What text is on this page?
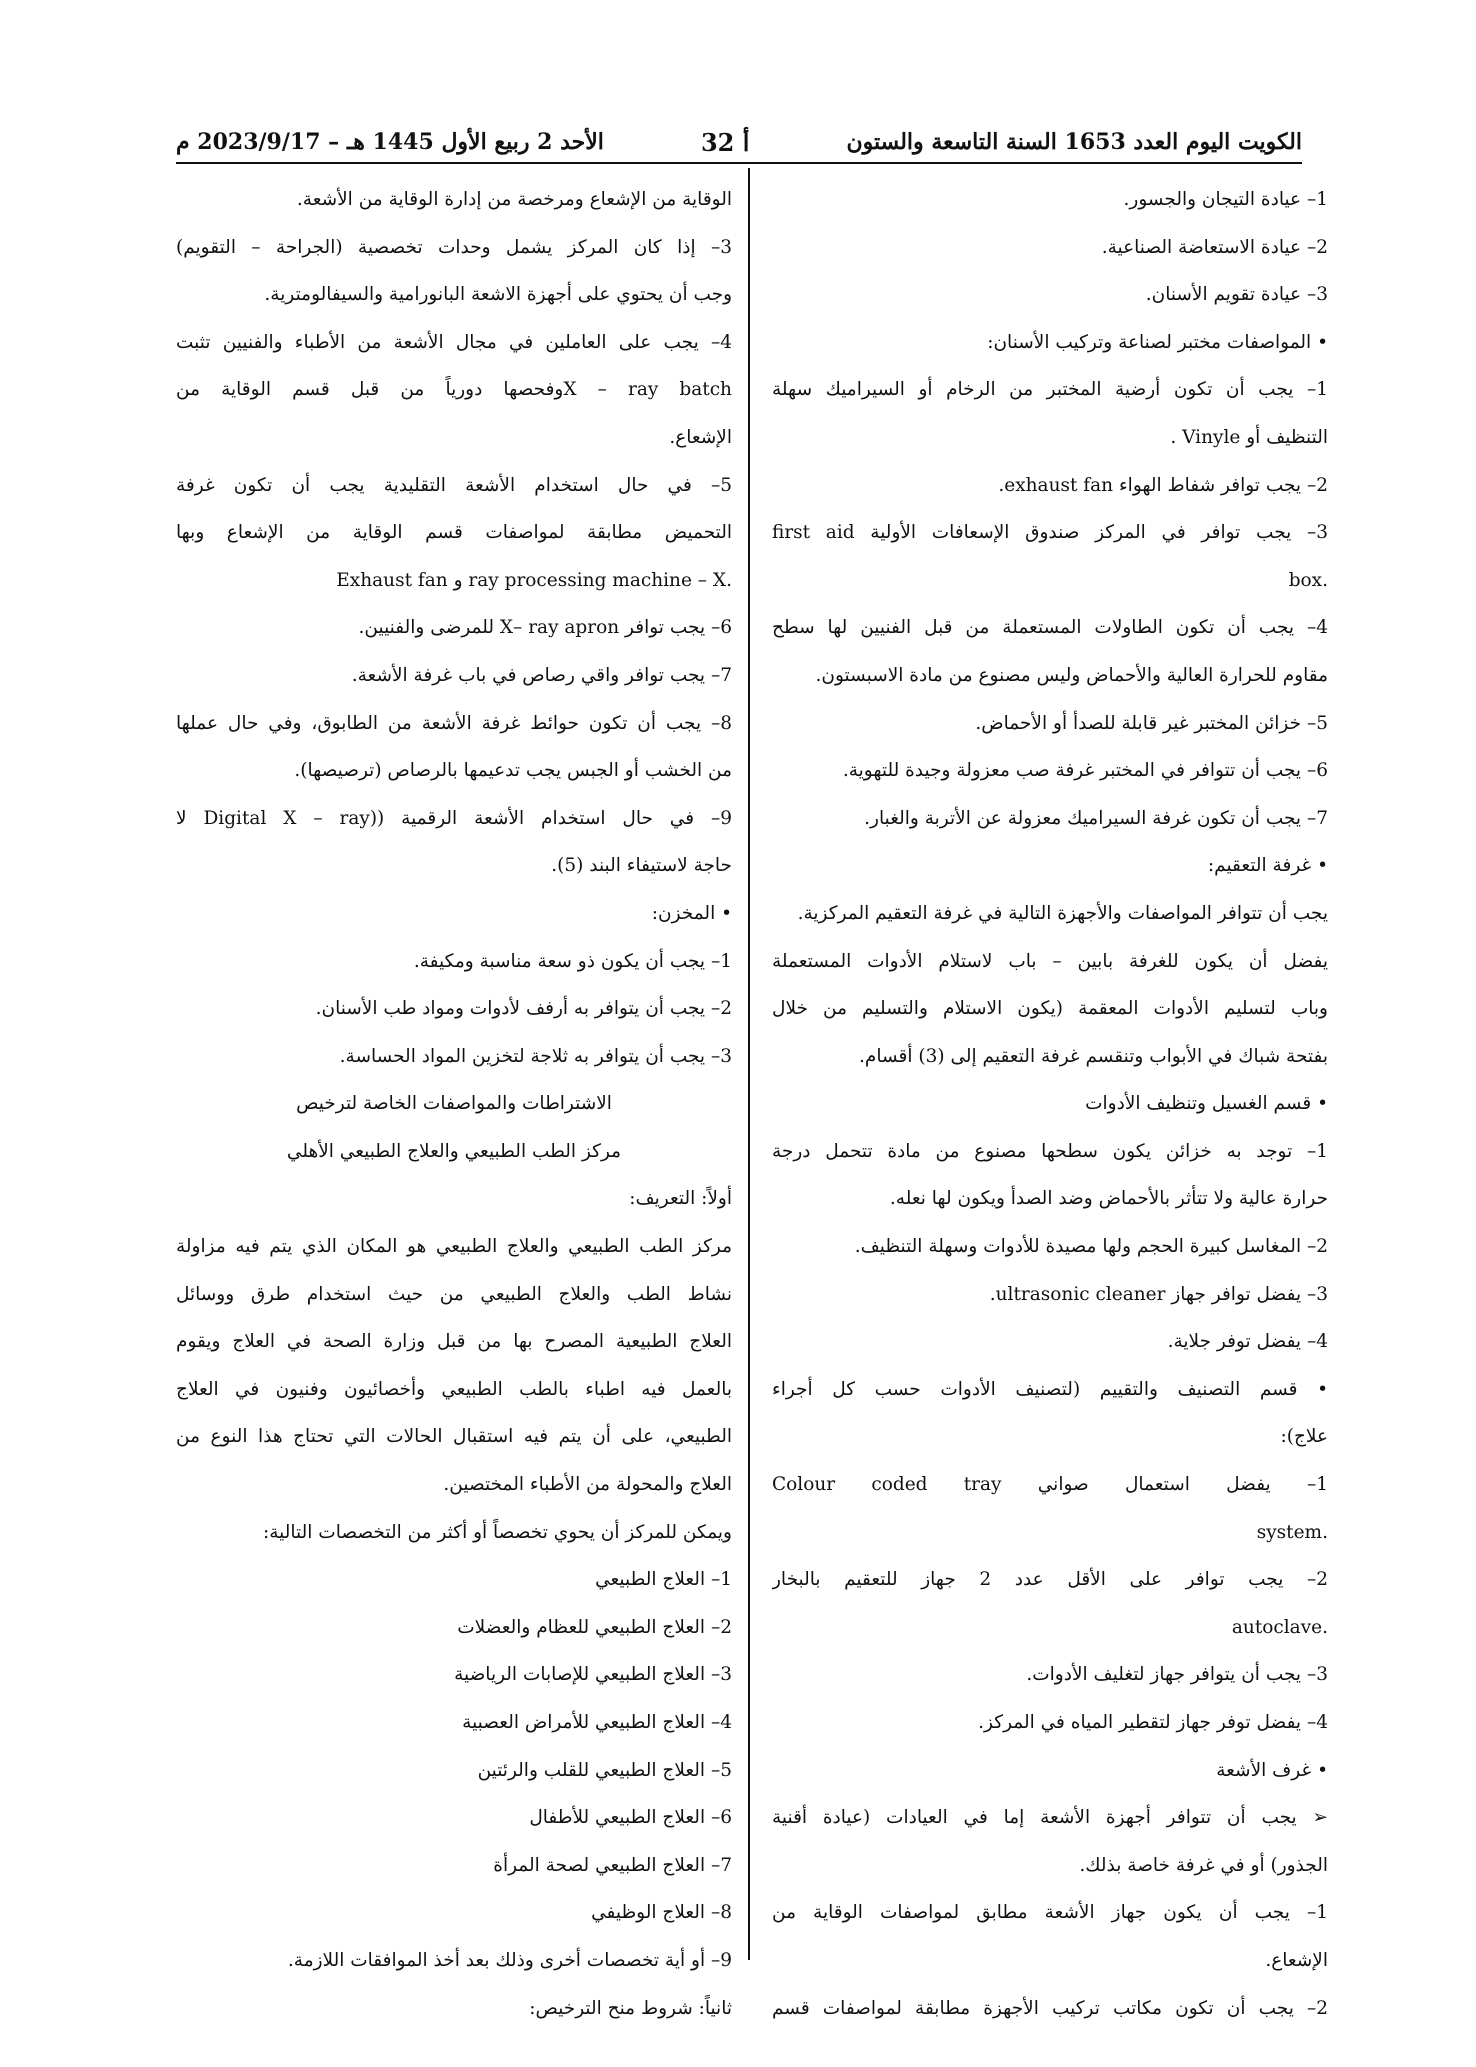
الكويت اليوم العدد 1653 السنة التاسعة والستون
أ 32
الأحد 2 ربيع الأول 1445 هـ – 2023/9/17 م
1– عيادة التيجان والجسور.
2– عيادة الاستعاضة الصناعية.
3– عيادة تقويم الأسنان.
• المواصفات مختبر لصناعة وتركيب الأسنان:
1– يجب أن تكون أرضية المختبر من الرخام أو السيراميك سهلة
التنظيف أو Vinyle .
2– يجب توافر شفاط الهواء exhaust fan.
3– يجب توافر في المركز صندوق الإسعافات الأولية first aid
.box
4– يجب أن تكون الطاولات المستعملة من قبل الفنيين لها سطح
مقاوم للحرارة العالية والأحماض وليس مصنوع من مادة الاسبستون.
5– خزائن المختبر غير قابلة للصدأ أو الأحماض.
6– يجب أن تتوافر في المختبر غرفة صب معزولة وجيدة للتهوية.
7– يجب أن تكون غرفة السيراميك معزولة عن الأتربة والغبار.
• غرفة التعقيم:
يجب أن تتوافر المواصفات والأجهزة التالية في غرفة التعقيم المركزية.
يفضل أن يكون للغرفة بابين – باب لاستلام الأدوات المستعملة
وباب لتسليم الأدوات المعقمة (يكون الاستلام والتسليم من خلال
بفتحة شباك في الأبواب وتنقسم غرفة التعقيم إلى (3) أقسام.
• قسم الغسيل وتنظيف الأدوات
1– توجد به خزائن يكون سطحها مصنوع من مادة تتحمل درجة
حرارة عالية ولا تتأثر بالأحماض وضد الصدأ ويكون لها نعله.
2– المغاسل كبيرة الحجم ولها مصيدة للأدوات وسهلة التنظيف.
3– يفضل توافر جهاز ultrasonic cleaner.
4– يفضل توفر جلاية.
• قسم التصنيف والتقييم (لتصنيف الأدوات حسب كل أجراء
علاج):
1– يفضل استعمال صواني Colour coded tray
.system
2– يجب توافر على الأقل عدد 2 جهاز للتعقيم بالبخار
.autoclave
3– يجب أن يتوافر جهاز لتغليف الأدوات.
4– يفضل توفر جهاز لتقطير المياه في المركز.
• غرف الأشعة
➢ يجب أن تتوافر أجهزة الأشعة إما في العيادات (عيادة أقنية
الجذور) أو في غرفة خاصة بذلك.
1– يجب أن يكون جهاز الأشعة مطابق لمواصفات الوقاية من
الإشعاع.
2– يجب أن تكون مكاتب تركيب الأجهزة مطابقة لمواصفات قسم
الوقاية من الإشعاع ومرخصة من إدارة الوقاية من الأشعة.
3– إذا كان المركز يشمل وحدات تخصصية (الجراحة – التقويم)
وجب أن يحتوي على أجهزة الاشعة البانورامية والسيفالومترية.
4– يجب على العاملين في مجال الأشعة من الأطباء والفنيين تثبت
X – ray batchوفحصها دورياً من قبل قسم الوقاية من
الإشعاع.
5– في حال استخدام الأشعة التقليدية يجب أن تكون غرفة
التحميض مطابقة لمواصفات قسم الوقاية من الإشعاع وبها
.ray processing machine – X و Exhaust fan
6– يجب توافر X– ray apron للمرضى والفنيين.
7– يجب توافر واقي رصاص في باب غرفة الأشعة.
8– يجب أن تكون حوائط غرفة الأشعة من الطابوق، وفي حال عملها
من الخشب أو الجبس يجب تدعيمها بالرصاص (ترصيصها).
9– في حال استخدام الأشعة الرقمية ((Digital X – ray لا
حاجة لاستيفاء البند (5).
• المخزن:
1– يجب أن يكون ذو سعة مناسبة ومكيفة.
2– يجب أن يتوافر به أرفف لأدوات ومواد طب الأسنان.
3– يجب أن يتوافر به ثلاجة لتخزين المواد الحساسة.
الاشتراطات والمواصفات الخاصة لترخيص
مركز الطب الطبيعي والعلاج الطبيعي الأهلي
أولاً: التعريف:
مركز الطب الطبيعي والعلاج الطبيعي هو المكان الذي يتم فيه مزاولة
نشاط الطب والعلاج الطبيعي من حيث استخدام طرق ووسائل
العلاج الطبيعية المصرح بها من قبل وزارة الصحة في العلاج ويقوم
بالعمل فيه اطباء بالطب الطبيعي وأخصائيون وفنيون في العلاج
الطبيعي، على أن يتم فيه استقبال الحالات التي تحتاج هذا النوع من
العلاج والمحولة من الأطباء المختصين.
ويمكن للمركز أن يحوي تخصصاً أو أكثر من التخصصات التالية:
1– العلاج الطبيعي
2– العلاج الطبيعي للعظام والعضلات
3– العلاج الطبيعي للإصابات الرياضية
4– العلاج الطبيعي للأمراض العصبية
5– العلاج الطبيعي للقلب والرئتين
6– العلاج الطبيعي للأطفال
7– العلاج الطبيعي لصحة المرأة
8– العلاج الوظيفي
9– أو أية تخصصات أخرى وذلك بعد أخذ الموافقات اللازمة.
ثانياً: شروط منح الترخيص:
